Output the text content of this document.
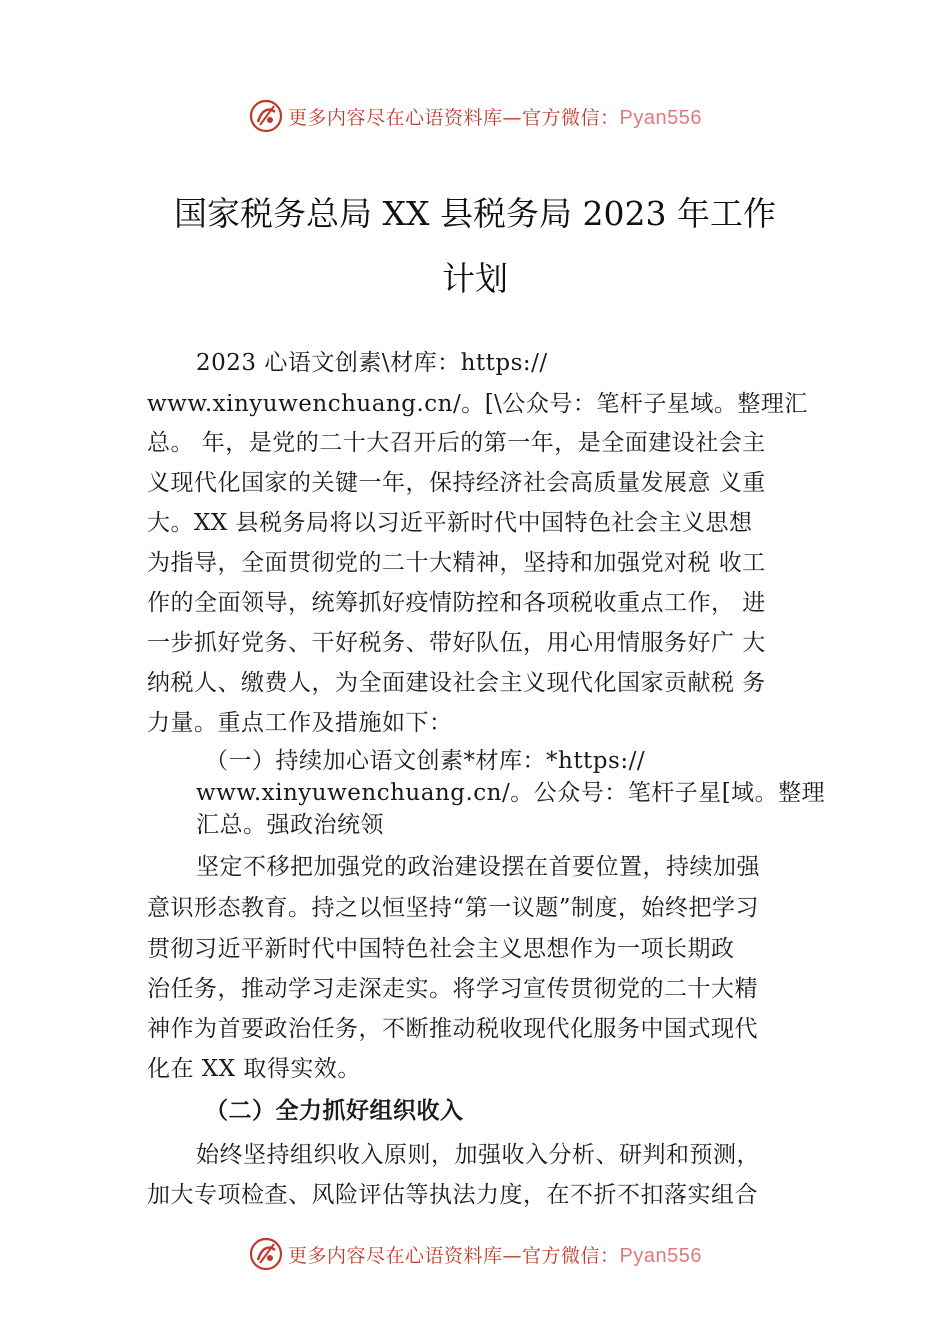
更多内容尽在心语资料库—官方微信：Pyan556
国家税务总局 XX 县税务局 2023 年工作
计划
2023 心语文创素\材库：https://
www.xinyuwenchuang.cn/。[\公众号：笔杆子星域。整理汇
总。 年，是党的二十大召开后的第一年，是全面建设社会主
义现代化国家的关键一年，保持经济社会高质量发展意 义重
大。XX 县税务局将以习近平新时代中国特色社会主义思想
为指导，全面贯彻党的二十大精神，坚持和加强党对税 收工
作的全面领导，统筹抓好疫情防控和各项税收重点工作， 进
一步抓好党务、干好税务、带好队伍，用心用情服务好广 大
纳税人、缴费人，为全面建设社会主义现代化国家贡献税 务
力量。重点工作及措施如下：
（一）持续加心语文创素*材库：*https://
www.xinyuwenchuang.cn/。公众号：笔杆子星[域。整理
汇总。强政治统领
坚定不移把加强党的政治建设摆在首要位置，持续加强
意识形态教育。持之以恒坚持“第一议题”制度，始终把学习
贯彻习近平新时代中国特色社会主义思想作为一项长期政
治任务，推动学习走深走实。将学习宣传贯彻党的二十大精
神作为首要政治任务，不断推动税收现代化服务中国式现代
化在 XX 取得实效。
（二）全力抓好组织收入
始终坚持组织收入原则，加强收入分析、研判和预测，
加大专项检查、风险评估等执法力度，在不折不扣落实组合
更多内容尽在心语资料库—官方微信：Pyan556
